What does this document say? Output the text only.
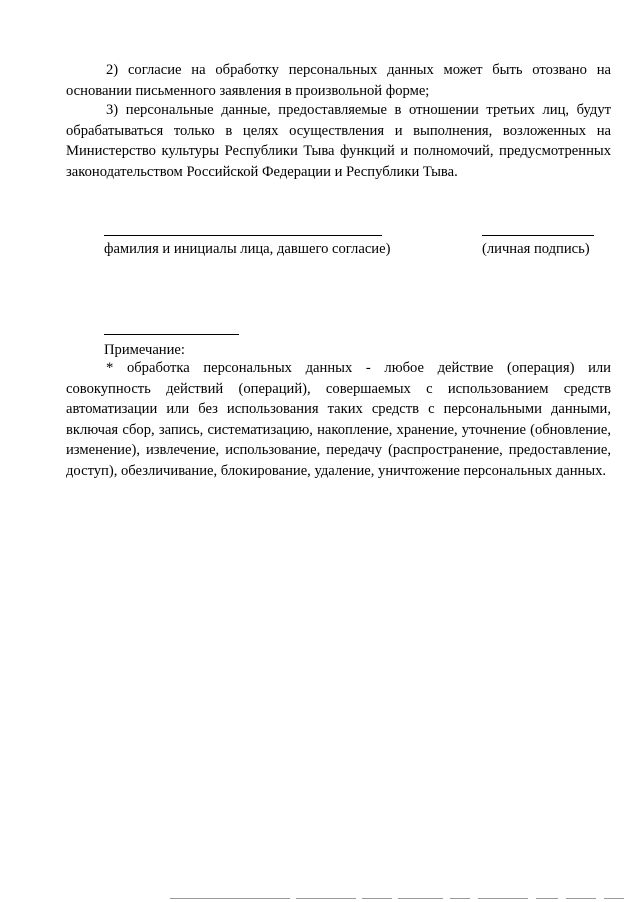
2) согласие на обработку персональных данных может быть отозвано на основании письменного заявления в произвольной форме;

3) персональные данные, предоставляемые в отношении третьих лиц, будут обрабатываться только в целях осуществления и выполнения, возложенных на Министерство культуры Республики Тыва функций и полномочий, предусмотренных законодательством Российской Федерации и Республики Тыва.

фамилия и инициалы лица, давшего согласие)	(личная подпись)

Примечание:

* обработка персональных данных - любое действие (операция) или совокупность действий (операций), совершаемых с использованием средств автоматизации или без использования таких средств с персональными данными, включая сбор, запись, систематизацию, накопление, хранение, уточнение (обновление, изменение), извлечение, использование, передачу (распространение, предоставление, доступ), обезличивание, блокирование, удаление, уничтожение персональных данных.
